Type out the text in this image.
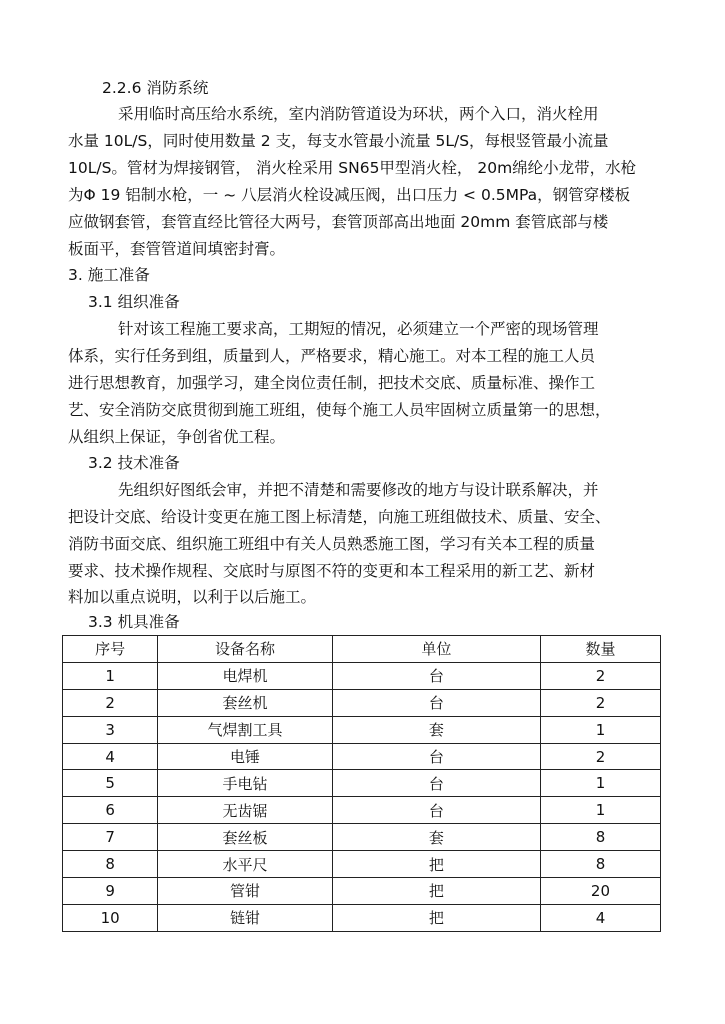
2.2.6 消防系统
采用临时高压给水系统，室内消防管道设为环状，两个入口，消火栓用
水量 10L/S，同时使用数量 2 支，每支水管最小流量 5L/S，每根竖管最小流量
10L/S。管材为焊接钢管， 消火栓采用 SN65甲型消火栓， 20m绵纶小龙带，水枪
为Φ 19 铝制水枪，一 ~ 八层消火栓设减压阀，出口压力 < 0.5MPa，钢管穿楼板
应做钢套管，套管直经比管径大两号，套管顶部高出地面 20mm 套管底部与楼
板面平，套管管道间填密封膏。
3. 施工准备
3.1 组织准备
针对该工程施工要求高，工期短的情况，必须建立一个严密的现场管理
体系，实行任务到组，质量到人，严格要求，精心施工。对本工程的施工人员
进行思想教育，加强学习，建全岗位责任制，把技术交底、质量标准、操作工
艺、安全消防交底贯彻到施工班组，使每个施工人员牢固树立质量第一的思想，
从组织上保证，争创省优工程。
3.2 技术准备
先组织好图纸会审，并把不清楚和需要修改的地方与设计联系解决，并
把设计交底、给设计变更在施工图上标清楚，向施工班组做技术、质量、安全、
消防书面交底、组织施工班组中有关人员熟悉施工图，学习有关本工程的质量
要求、技术操作规程、交底时与原图不符的变更和本工程采用的新工艺、新材
料加以重点说明，以利于以后施工。
3.3 机具准备
序号	设备名称	单位	数量
1	电焊机	台	2
2	套丝机	台	2
3	气焊割工具	套	1
4	电锤	台	2
5	手电钻	台	1
6	无齿锯	台	1
7	套丝板	套	8
8	水平尺	把	8
9	管钳	把	20
10	链钳	把	4
